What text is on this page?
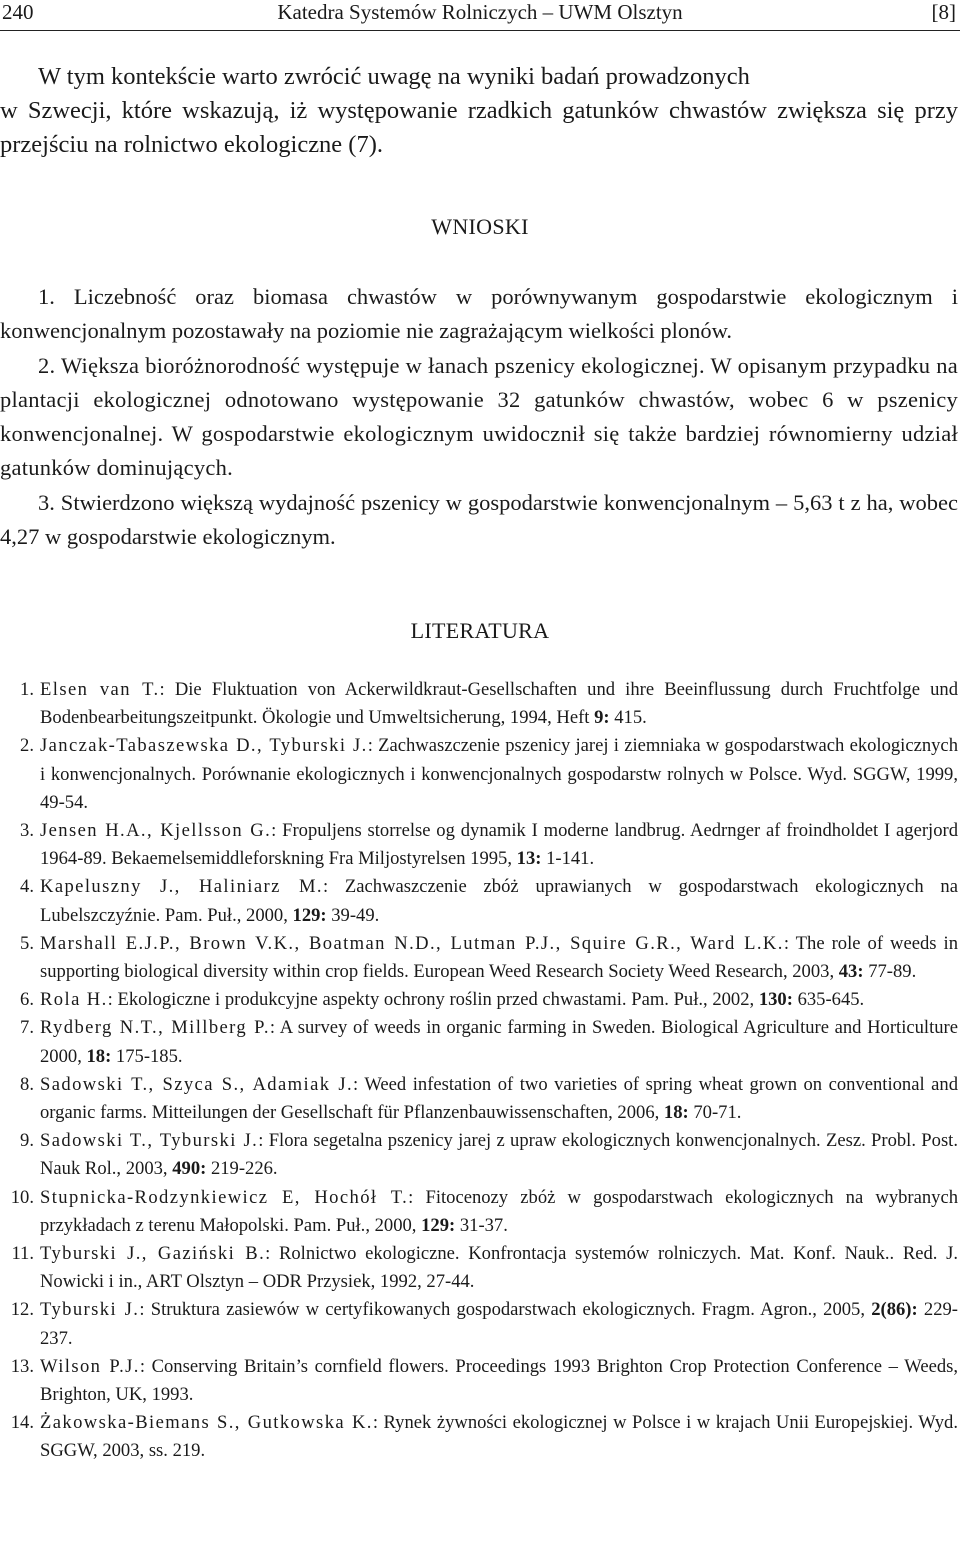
Katedra Systemów Rolniczych – UWM Olsztyn
240	[8]
W tym kontekście warto zwrócić uwagę na wyniki badań prowadzonych
w Szwecji, które wskazują, iż występowanie rzadkich gatunków chwastów zwiększa się przy przejściu na rolnictwo ekologiczne (7).
WNIOSKI

1. Liczebność oraz biomasa chwastów w porównywanym gospodarstwie ekologicznym i konwencjonalnym pozostawały na poziomie nie zagrażającym wielkości plonów.

2. Większa bioróżnorodność występuje w łanach pszenicy ekologicznej. W opisanym przypadku na plantacji ekologicznej odnotowano występowanie 32 gatunków chwastów, wobec 6 w pszenicy konwencjonalnej. W gospodarstwie ekologicznym uwidocznił się także bardziej równomierny udział gatunków dominujących.

3. Stwierdzono większą wydajność pszenicy w gospodarstwie konwencjonalnym – 5,63 t z ha, wobec 4,27 w gospodarstwie ekologicznym.

LITERATURA
1. Elsen van T.: Die Fluktuation von Ackerwildkraut-Gesellschaften und ihre Beeinflussung durch Fruchtfolge und Bodenbearbeitungszeitpunkt. Ökologie und Umweltsicherung, 1994, Heft 9: 415.
2. Janczak-Tabaszewska D., Tyburski J.: Zachwaszczenie pszenicy jarej i ziemniaka w gospodarstwach ekologicznych i konwencjonalnych. Porównanie ekologicznych i konwencjonalnych gospodarstw rolnych w Polsce. Wyd. SGGW, 1999, 49-54.
3. Jensen H.A., Kjellsson G.: Fropuljens storrelse og dynamik I moderne landbrug. Aedrnger af froindholdet I agerjord 1964-89. Bekaemelsemiddleforskning Fra Miljostyrelsen 1995, 13: 1-141.
4. Kapeluszny J., Haliniarz M.: Zachwaszczenie zbóż uprawianych w gospodarstwach ekologicznych na Lubelszczyźnie. Pam. Puł., 2000, 129: 39-49.
5. Marshall E.J.P., Brown V.K., Boatman N.D., Lutman P.J., Squire G.R., Ward L.K.: The role of weeds in supporting biological diversity within crop fields. European Weed Research Society Weed Research, 2003, 43: 77-89.
6. Rola H.: Ekologiczne i produkcyjne aspekty ochrony roślin przed chwastami. Pam. Puł., 2002, 130: 635-645.
7. Rydberg N.T., Millberg P.: A survey of weeds in organic farming in Sweden. Biological Agriculture and Horticulture 2000, 18: 175-185.
8. Sadowski T., Szyca S., Adamiak J.: Weed infestation of two varieties of spring wheat grown on conventional and organic farms. Mitteilungen der Gesellschaft für Pflanzenbauwissenschaften, 2006, 18: 70-71.
9. Sadowski T., Tyburski J.: Flora segetalna pszenicy jarej z upraw ekologicznych konwencjonalnych. Zesz. Probl. Post. Nauk Rol., 2003, 490: 219-226.
10. Stupnicka-Rodzynkiewicz E, Hochół T.: Fitocenozy zbóż w gospodarstwach ekologicznych na wybranych przykładach z terenu Małopolski. Pam. Puł., 2000, 129: 31-37.
11. Tyburski J., Gaziński B.: Rolnictwo ekologiczne. Konfrontacja systemów rolniczych. Mat. Konf. Nauk.. Red. J. Nowicki i in., ART Olsztyn – ODR Przysiek, 1992, 27-44.
12. Tyburski J.: Struktura zasiewów w certyfikowanych gospodarstwach ekologicznych. Fragm. Agron., 2005, 2(86): 229-237.
13. Wilson P.J.: Conserving Britain’s cornfield flowers. Proceedings 1993 Brighton Crop Protection Conference – Weeds, Brighton, UK, 1993.
14. Żakowska-Biemans S., Gutkowska K.: Rynek żywności ekologicznej w Polsce i w krajach Unii Europejskiej. Wyd. SGGW, 2003, ss. 219.
